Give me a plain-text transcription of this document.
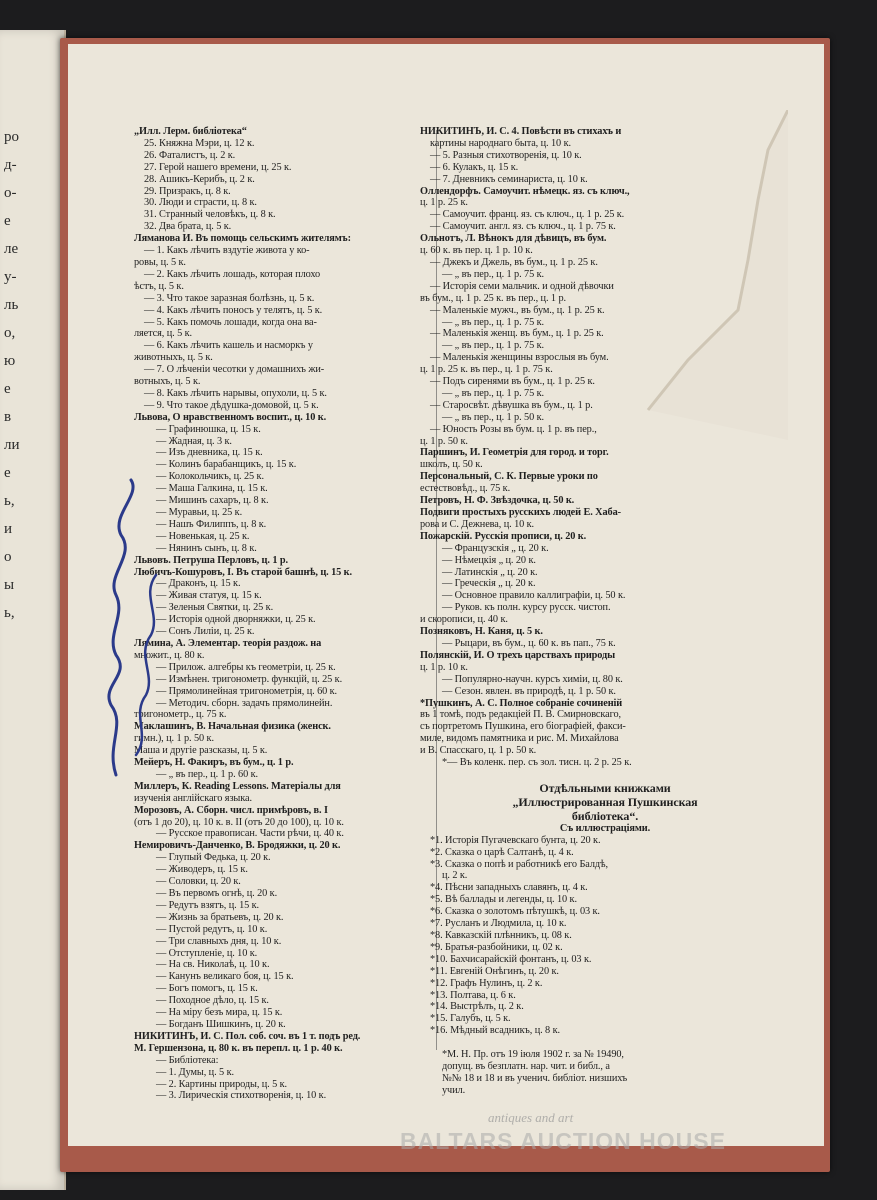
ро
д-
о-
е
ле
у-
ль
о,
ю
е
в
ли
е
ь,
и
о
ы
ь,
„Илл. Лерм. библiотека“
25. Княжна Мэри, ц. 12 к.
26. Фаталистъ, ц. 2 к.
27. Герой нашего времени, ц. 25 к.
28. Ашикъ-Керибъ, ц. 2 к.
29. Призракъ, ц. 8 к.
30. Люди и страсти, ц. 8 к.
31. Странный человѣкъ, ц. 8 к.
32. Два брата, ц. 5 к.
Ляманова И. Въ помощь сельскимъ жителямъ:
— 1. Какъ лѣчить вздутiе живота у ко-
ровы, ц. 5 к.
— 2. Какъ лѣчить лошадь, которая плохо
ѣстъ, ц. 5 к.
— 3. Что такое заразная болѣзнь, ц. 5 к.
— 4. Какъ лѣчить поносъ у телятъ, ц. 5 к.
— 5. Какъ помочь лошади, когда она ва-
ляется, ц. 5 к.
— 6. Какъ лѣчить кашель и насморкъ у
животныхъ, ц. 5 к.
— 7. О лѣченiи чесотки у домашнихъ жи-
вотныхъ, ц. 5 к.
— 8. Какъ лѣчить нарывы, опухоли, ц. 5 к.
— 9. Что такое дѣдушка-домовой, ц. 5 к.
Львова, О нравственномъ воспит., ц. 10 к.
— Графинюшка, ц. 15 к.
— Жадная, ц. 3 к.
— Изъ дневника, ц. 15 к.
— Колинъ барабанщикъ, ц. 15 к.
— Колокольчикъ, ц. 25 к.
— Маша Галкина, ц. 15 к.
— Мишинъ сахаръ, ц. 8 к.
— Муравьи, ц. 25 к.
— Нашъ Филиппъ, ц. 8 к.
— Новенькая, ц. 25 к.
— Нянинъ сынъ, ц. 8 к.
Львовъ. Петруша Перловъ, ц. 1 р.
Любичъ-Кошуровъ, I. Въ старой башнѣ, ц. 15 к.
— Драконъ, ц. 15 к.
— Живая статуя, ц. 15 к.
— Зеленыя Святки, ц. 25 к.
— Исторiя одной дворняжки, ц. 25 к.
— Сонъ Лилiи, ц. 25 к.
Лямина, А. Элементар. теорiя раздож. на
множит., ц. 80 к.
— Прилож. алгебры къ геометрiи, ц. 25 к.
— Измѣнен. тригонометр. функцiй, ц. 25 к.
— Прямолинейная тригонометрiя, ц. 60 к.
— Методич. сборн. задачъ прямолинейн.
тригонометр., ц. 75 к.
Маклашинъ, В. Начальная физика (женск.
гимн.), ц. 1 р. 50 к.
Маша и другiе разсказы, ц. 5 к.
Мейеръ, Н. Факиръ, въ бум., ц. 1 р.
— „ въ пер., ц. 1 р. 60 к.
Миллеръ, К. Reading Lessons. Матерiалы для
изученiя англiйскаго языка.
Морозовъ, А. Сборн. числ. примѣровъ, в. I
(отъ 1 до 20), ц. 10 к. в. II (отъ 20 до 100), ц. 10 к.
— Русское правописан. Части рѣчи, ц. 40 к.
Немировичъ-Данченко, В. Бродяжки, ц. 20 к.
— Глупый Федька, ц. 20 к.
— Живодеръ, ц. 15 к.
— Соловки, ц. 20 к.
— Въ первомъ огнѣ, ц. 20 к.
— Редутъ взятъ, ц. 15 к.
— Жизнь за братьевъ, ц. 20 к.
— Пустой редутъ, ц. 10 к.
— Три славныхъ дня, ц. 10 к.
— Отступленiе, ц. 10 к.
— На св. Николаѣ, ц. 10 к.
— Канунъ великаго боя, ц. 15 к.
— Богъ помогъ, ц. 15 к.
— Походное дѣло, ц. 15 к.
— На мiру безъ мира, ц. 15 к.
— Богданъ Шишкинъ, ц. 20 к.
НИКИТИНЪ, И. С. Пол. соб. соч. въ 1 т. подъ ред.
М. Гершензона, ц. 80 к. въ перепл. ц. 1 р. 40 к.
— Библiотека:
— 1. Думы, ц. 5 к.
— 2. Картины природы, ц. 5 к.
— 3. Лирическiя стихотворенiя, ц. 10 к.
НИКИТИНЪ, И. С. 4. Повѣсти въ стихахъ и
картины народнаго быта, ц. 10 к.
— 5. Разныя стихотворенiя, ц. 10 к.
— 6. Кулакъ, ц. 15 к.
— 7. Дневникъ семинариста, ц. 10 к.
Оллендорфъ. Самоучит. нѣмецк. яз. съ ключ.,
ц. 1 р. 25 к.
— Самоучит. франц. яз. съ ключ., ц. 1 р. 25 к.
— Самоучит. англ. яз. съ ключ., ц. 1 р. 75 к.
Ольнотъ, Л. Вѣнокъ для дѣвицъ, въ бум.
ц. 60 к. въ пер. ц. 1 р. 10 к.
— Джекъ и Джель, въ бум., ц. 1 р. 25 к.
— „ въ пер., ц. 1 р. 75 к.
— Исторiя семи мальчик. и одной дѣвочки
въ бум., ц. 1 р. 25 к. въ пер., ц. 1 р.
— Маленькiе мужч., въ бум., ц. 1 р. 25 к.
— „ въ пер., ц. 1 р. 75 к.
— Маленькiя женщ. въ бум., ц. 1 р. 25 к.
— „ въ пер., ц. 1 р. 75 к.
— Маленькiя женщины взрослыя въ бум.
ц. 1 р. 25 к. въ пер., ц. 1 р. 75 к.
— Подъ сиренями въ бум., ц. 1 р. 25 к.
— „ въ пер., ц. 1 р. 75 к.
— Старосвѣт. дѣвушка въ бум., ц. 1 р.
— „ въ пер., ц. 1 р. 50 к.
— Юность Розы въ бум. ц. 1 р. въ пер.,
ц. 1 р. 50 к.
Паршинъ, И. Геометрiя для город. и торг.
школъ, ц. 50 к.
Персональный, С. К. Первые уроки по
естествовѣд., ц. 75 к.
Петровъ, Н. Ф. Звѣздочка, ц. 50 к.
Подвиги простыхъ русскихъ людей Е. Хаба-
рова и С. Дежнева, ц. 10 к.
Пожарскiй. Русскiя прописи, ц. 20 к.
— Французскiя „ ц. 20 к.
— Нѣмецкiя „ ц. 20 к.
— Латинскiя „ ц. 20 к.
— Греческiя „ ц. 20 к.
— Основное правило каллиграфiи, ц. 50 к.
— Руков. къ полн. курсу русск. чистоп.
и скорописи, ц. 40 к.
Позняковъ, Н. Каня, ц. 5 к.
— Рыцари, въ бум., ц. 60 к. въ пап., 75 к.
Полянскiй, И. О трехъ царствахъ природы
ц. 1 р. 10 к.
— Популярно-научн. курсъ химiи, ц. 80 к.
— Сезон. явлен. въ природѣ, ц. 1 р. 50 к.
*Пушкинъ, А. С. Полное собранiе сочиненiй
въ 1 томѣ, подъ редакцiей П. В. Смирновскаго,
съ портретомъ Пушкина, его бiографiей, факси-
миле, видомъ памятника и рис. М. Михайлова
и В. Спасскаго, ц. 1 р. 50 к.
*— Въ коленк. пер. съ зол. тисн. ц. 2 р. 25 к.

Отдѣльными книжками
„Иллюстрированная Пушкинская
библiотека“.
Съ иллюстрацiями.
*1. Исторiя Пугачевскаго бунта, ц. 20 к.
*2. Сказка о царѣ Салтанѣ, ц. 4 к.
*3. Сказка о попѣ и работникѣ его Балдѣ,
ц. 2 к.
*4. Пѣсни западныхъ славянъ, ц. 4 к.
*5. Вѣ баллады и легенды, ц. 10 к.
*6. Сказка о золотомъ пѣтушкѣ, ц. 03 к.
*7. Русланъ и Людмила, ц. 10 к.
*8. Кавказскiй плѣнникъ, ц. 08 к.
*9. Братья-разбойники, ц. 02 к.
*10. Бахчисарайскiй фонтанъ, ц. 03 к.
*11. Евгенiй Онѣгинъ, ц. 20 к.
*12. Графъ Нулинъ, ц. 2 к.
*13. Полтава, ц. 6 к.
*14. Выстрѣлъ, ц. 2 к.
*15. Галубъ, ц. 5 к.
*16. Мѣдный всадникъ, ц. 8 к.

*М. Н. Пр. отъ 19 iюля 1902 г. за № 19490,
допущ. въ безплатн. нар. чит. и библ., а
№№ 18 и 18 и въ ученич. библiот. низшихъ
учил.
antiques and art
BALTARS AUCTION HOUSE
